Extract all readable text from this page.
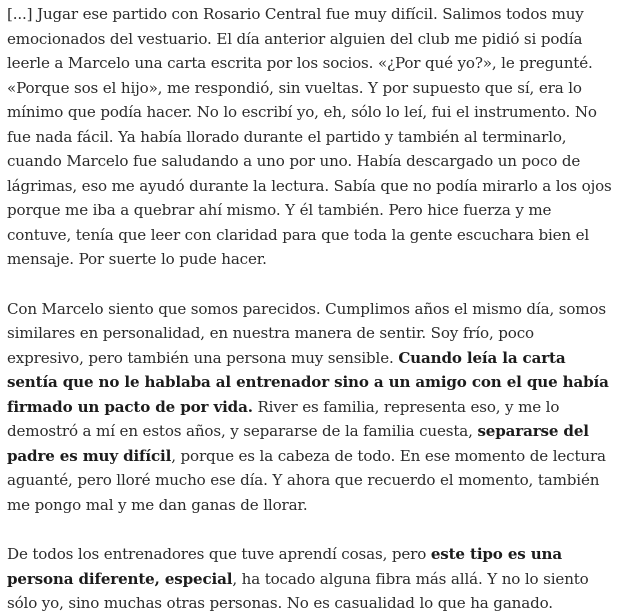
[...] Jugar ese partido con Rosario Central fue muy difícil. Salimos todos muy emocionados del vestuario. El día anterior alguien del club me pidió si podía leerle a Marcelo una carta escrita por los socios. «¿Por qué yo?», le pregunté. «Porque sos el hijo», me respondió, sin vueltas. Y por supuesto que sí, era lo mínimo que podía hacer. No lo escribí yo, eh, sólo lo leí, fui el instrumento. No fue nada fácil. Ya había llorado durante el partido y también al terminarlo, cuando Marcelo fue saludando a uno por uno. Había descargado un poco de lágrimas, eso me ayudó durante la lectura. Sabía que no podía mirarlo a los ojos porque me iba a quebrar ahí mismo. Y él también. Pero hice fuerza y me contuve, tenía que leer con claridad para que toda la gente escuchara bien el mensaje. Por suerte lo pude hacer.

Con Marcelo siento que somos parecidos. Cumplimos años el mismo día, somos similares en personalidad, en nuestra manera de sentir. Soy frío, poco expresivo, pero también una persona muy sensible. Cuando leía la carta sentía que no le hablaba al entrenador sino a un amigo con el que había firmado un pacto de por vida. River es familia, representa eso, y me lo demostró a mí en estos años, y separarse de la familia cuesta, separarse del padre es muy difícil, porque es la cabeza de todo. En ese momento de lectura aguanté, pero lloré mucho ese día. Y ahora que recuerdo el momento, también me pongo mal y me dan ganas de llorar.

De todos los entrenadores que tuve aprendí cosas, pero este tipo es una persona diferente, especial, ha tocado alguna fibra más allá. Y no lo siento sólo yo, sino muchas otras personas. No es casualidad lo que ha ganado.
